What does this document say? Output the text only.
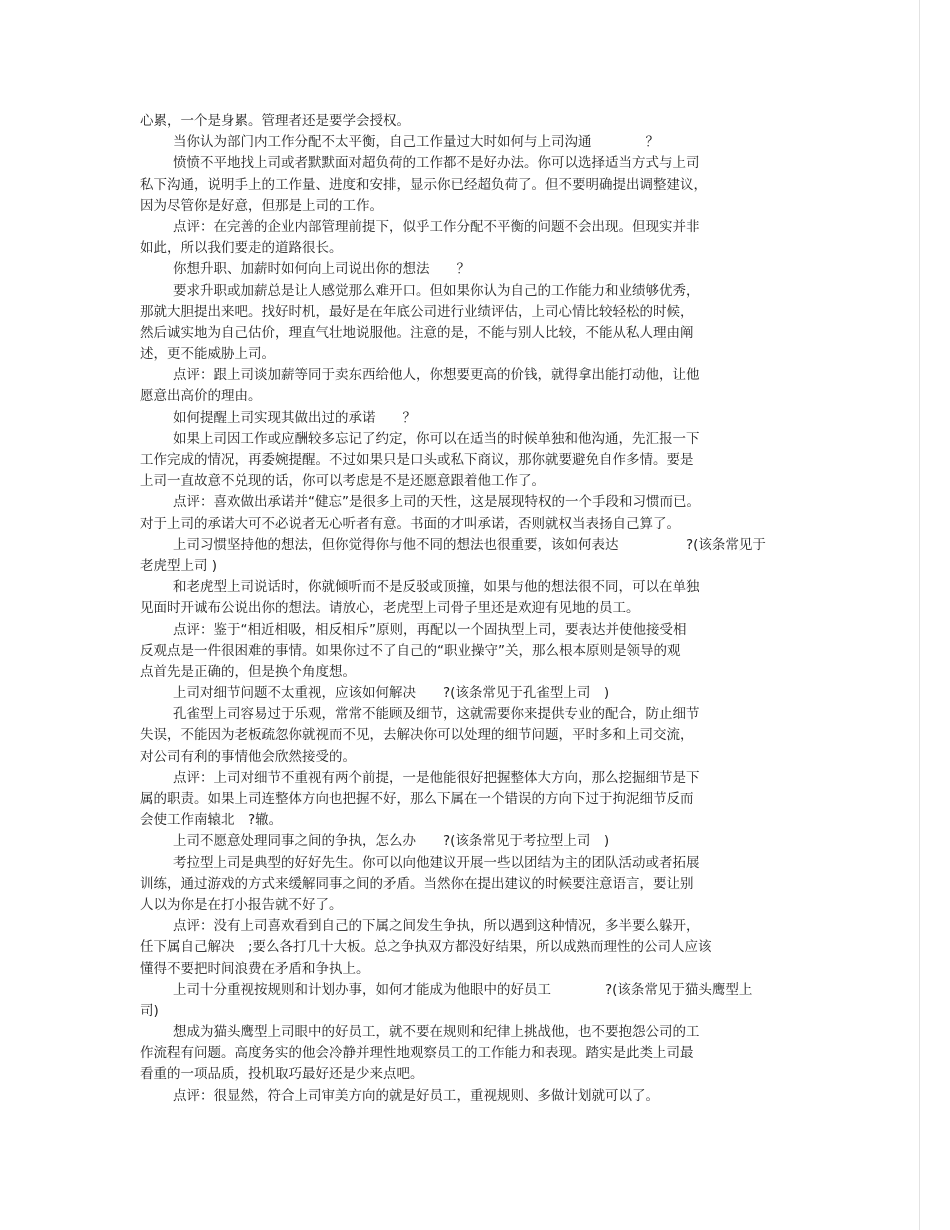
心累，一个是身累。管理者还是要学会授权。
当你认为部门内工作分配不太平衡，自己工作量过大时如何与上司沟通　　　　？
愤愤不平地找上司或者默默面对超负荷的工作都不是好办法。你可以选择适当方式与上司
私下沟通，说明手上的工作量、进度和安排，显示你已经超负荷了。但不要明确提出调整建议，
因为尽管你是好意，但那是上司的工作。
点评：在完善的企业内部管理前提下，似乎工作分配不平衡的问题不会出现。但现实并非
如此，所以我们要走的道路很长。
你想升职、加薪时如何向上司说出你的想法　　？
要求升职或加薪总是让人感觉那么难开口。但如果你认为自己的工作能力和业绩够优秀，
那就大胆提出来吧。找好时机，最好是在年底公司进行业绩评估，上司心情比较轻松的时候，
然后诚实地为自己估价，理直气壮地说服他。注意的是，不能与别人比较，不能从私人理由阐
述，更不能威胁上司。
点评：跟上司谈加薪等同于卖东西给他人，你想要更高的价钱，就得拿出能打动他，让他
愿意出高价的理由。
如何提醒上司实现其做出过的承诺　　？
如果上司因工作或应酬较多忘记了约定，你可以在适当的时候单独和他沟通，先汇报一下
工作完成的情况，再委婉提醒。不过如果只是口头或私下商议，那你就要避免自作多情。要是
上司一直故意不兑现的话，你可以考虑是不是还愿意跟着他工作了。
点评：喜欢做出承诺并“健忘”是很多上司的天性，这是展现特权的一个手段和习惯而已。
对于上司的承诺大可不必说者无心听者有意。书面的才叫承诺，否则就权当表扬自己算了。
上司习惯坚持他的想法，但你觉得你与他不同的想法也很重要，该如何表达　　　　　?(该条常见于
老虎型上司 )
和老虎型上司说话时，你就倾听而不是反驳或顶撞，如果与他的想法很不同，可以在单独
见面时开诚布公说出你的想法。请放心，老虎型上司骨子里还是欢迎有见地的员工。
点评：鉴于“相近相吸，相反相斥”原则，再配以一个固执型上司，要表达并使他接受相
反观点是一件很困难的事情。如果你过不了自己的“职业操守”关，那么根本原则是领导的观
点首先是正确的，但是换个角度想。
上司对细节问题不太重视，应该如何解决　　?(该条常见于孔雀型上司　)
孔雀型上司容易过于乐观，常常不能顾及细节，这就需要你来提供专业的配合，防止细节
失误，不能因为老板疏忽你就视而不见，去解决你可以处理的细节问题，平时多和上司交流，
对公司有利的事情他会欣然接受的。
点评：上司对细节不重视有两个前提，一是他能很好把握整体大方向，那么挖掘细节是下
属的职责。如果上司连整体方向也把握不好，那么下属在一个错误的方向下过于拘泥细节反而
会使工作南辕北　?辙。
上司不愿意处理同事之间的争执，怎么办　　?(该条常见于考拉型上司　)
考拉型上司是典型的好好先生。你可以向他建议开展一些以团结为主的团队活动或者拓展
训练，通过游戏的方式来缓解同事之间的矛盾。当然你在提出建议的时候要注意语言，要让别
人以为你是在打小报告就不好了。
点评：没有上司喜欢看到自己的下属之间发生争执，所以遇到这种情况，多半要么躲开，
任下属自己解决　;要么各打几十大板。总之争执双方都没好结果，所以成熟而理性的公司人应该
懂得不要把时间浪费在矛盾和争执上。
上司十分重视按规则和计划办事，如何才能成为他眼中的好员工　　　　?(该条常见于猫头鹰型上
司)
想成为猫头鹰型上司眼中的好员工，就不要在规则和纪律上挑战他，也不要抱怨公司的工
作流程有问题。高度务实的他会冷静并理性地观察员工的工作能力和表现。踏实是此类上司最
看重的一项品质，投机取巧最好还是少来点吧。
点评：很显然，符合上司审美方向的就是好员工，重视规则、多做计划就可以了。
